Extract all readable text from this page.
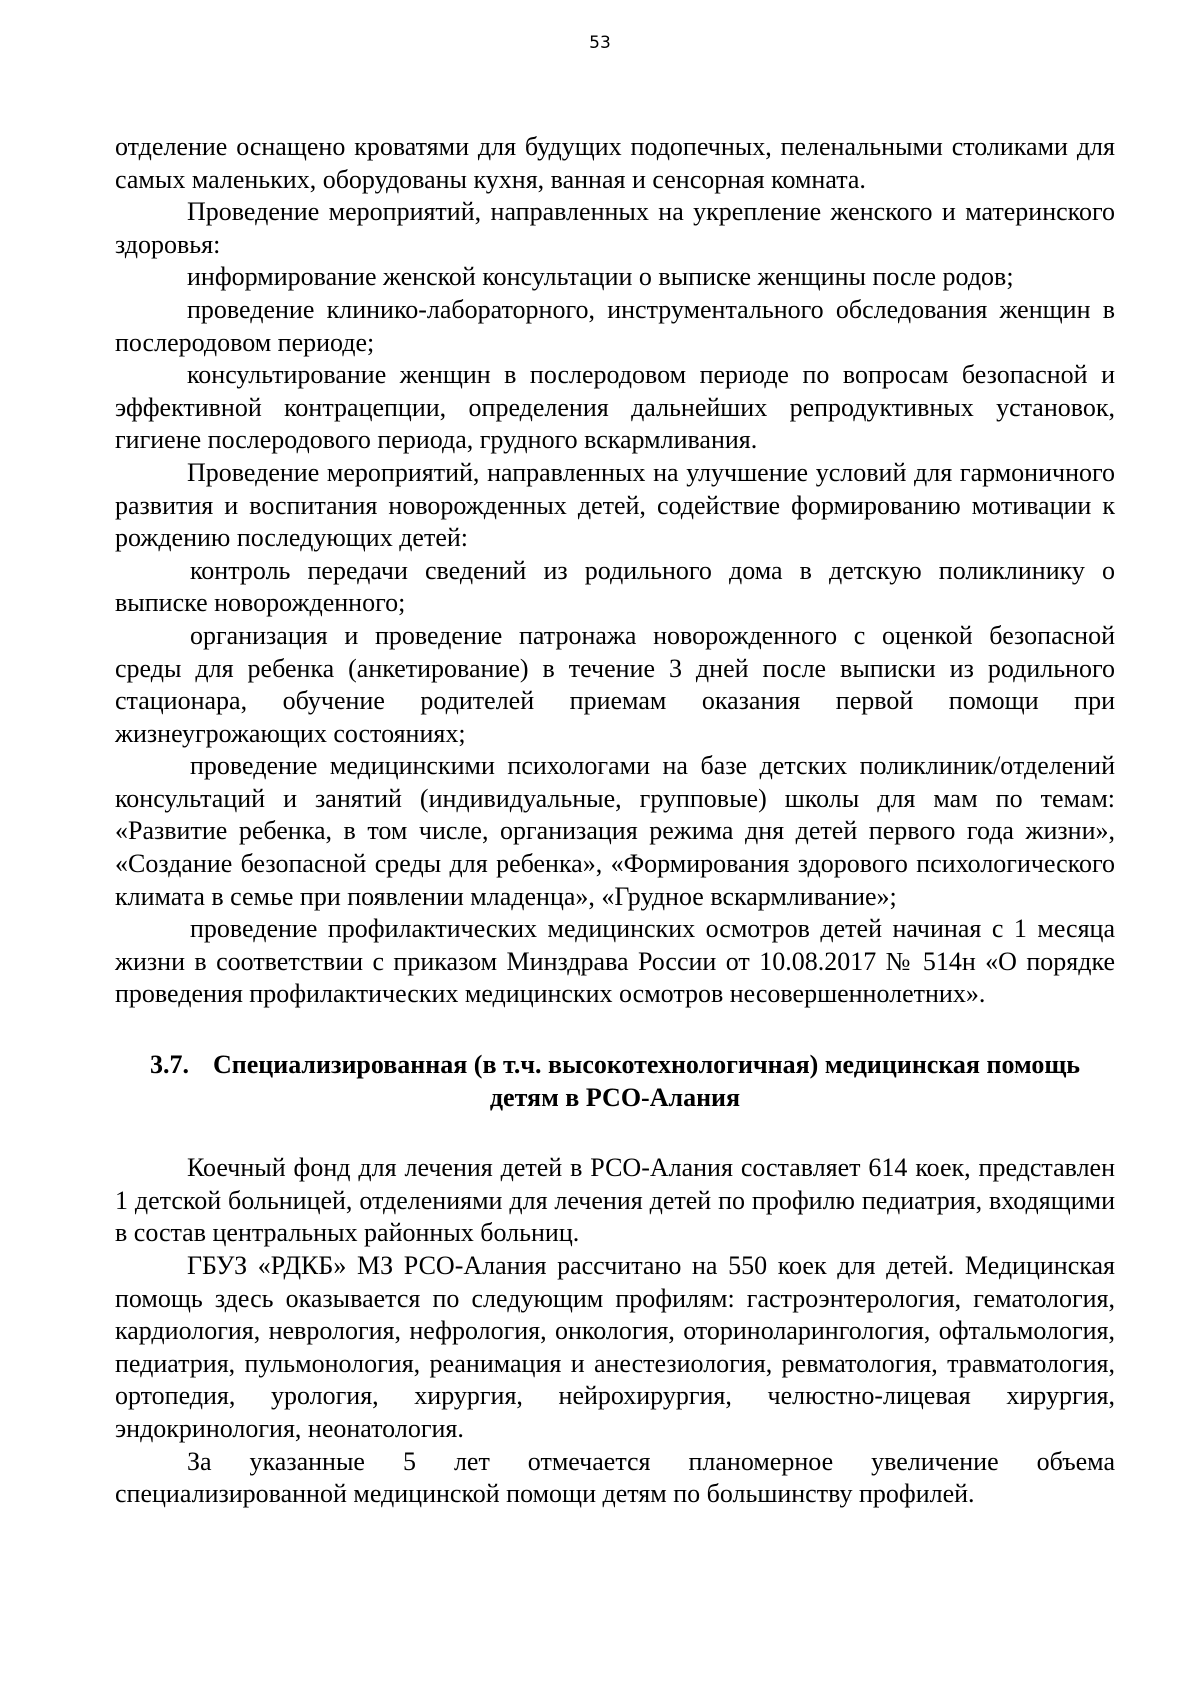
53

отделение оснащено кроватями для будущих подопечных, пеленальными столиками для самых маленьких, оборудованы кухня, ванная и сенсорная комната.

Проведение мероприятий, направленных на укрепление женского и материнского здоровья:

информирование женской консультации о выписке женщины после родов;

проведение клинико-лабораторного, инструментального обследования женщин в послеродовом периоде;

консультирование женщин в послеродовом периоде по вопросам безопасной и эффективной контрацепции, определения дальнейших репродуктивных установок, гигиене послеродового периода, грудного вскармливания.

Проведение мероприятий, направленных на улучшение условий для гармоничного развития и воспитания новорожденных детей, содействие формированию мотивации к рождению последующих детей:

контроль передачи сведений из родильного дома в детскую поликлинику о выписке новорожденного;

организация и проведение патронажа новорожденного с оценкой безопасной среды для ребенка (анкетирование) в течение 3 дней после выписки из родильного стационара, обучение родителей приемам оказания первой помощи при жизнеугрожающих состояниях;

проведение медицинскими психологами на базе детских поликлиник/отделений консультаций и занятий (индивидуальные, групповые) школы для мам по темам: «Развитие ребенка, в том числе, организация режима дня детей первого года жизни», «Создание безопасной среды для ребенка», «Формирования здорового психологического климата в семье при появлении младенца», «Грудное вскармливание»;

проведение профилактических медицинских осмотров детей начиная с 1 месяца жизни в соответствии с приказом Минздрава России от 10.08.2017 № 514н «О порядке проведения профилактических медицинских осмотров несовершеннолетних».

3.7. Специализированная (в т.ч. высокотехнологичная) медицинская помощь детям в РСО-Алания

Коечный фонд для лечения детей в РСО-Алания составляет 614 коек, представлен 1 детской больницей, отделениями для лечения детей по профилю педиатрия, входящими в состав центральных районных больниц.

ГБУЗ «РДКБ» МЗ РСО-Алания рассчитано на 550 коек для детей. Медицинская помощь здесь оказывается по следующим профилям: гастроэнтерология, гематология, кардиология, неврология, нефрология, онкология, оториноларингология, офтальмология, педиатрия, пульмонология, реанимация и анестезиология, ревматология, травматология, ортопедия, урология, хирургия, нейрохирургия, челюстно-лицевая хирургия, эндокринология, неонатология.

За указанные 5 лет отмечается планомерное увеличение объема специализированной медицинской помощи детям по большинству профилей.
